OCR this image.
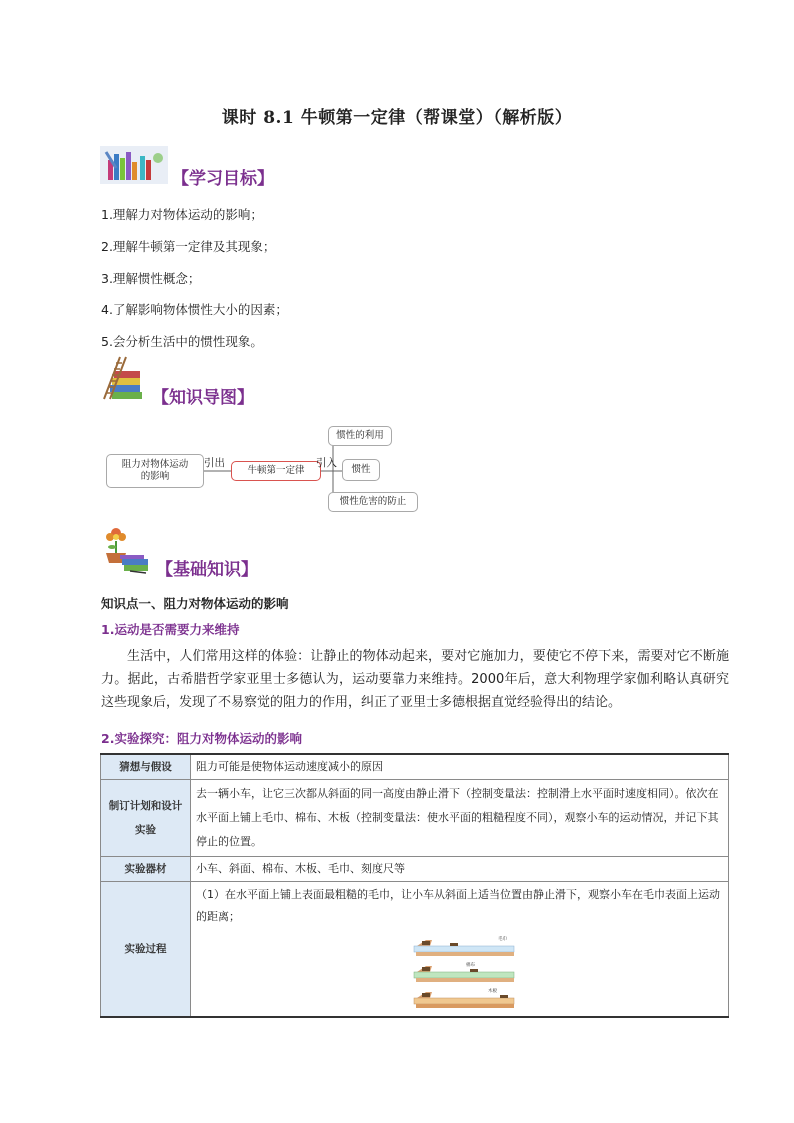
课时 8.1 牛顿第一定律（帮课堂）（解析版）
【学习目标】
1.理解力对物体运动的影响；
2.理解牛顿第一定律及其现象；
3.理解惯性概念；
4.了解影响物体惯性大小的因素；
5.会分析生活中的惯性现象。
【知识导图】
阻力对物体运动的影响
引出
牛顿第一定律
引入
惯性
惯性的利用
惯性危害的防止
【基础知识】
知识点一、阻力对物体运动的影响
1.运动是否需要力来维持
生活中，人们常用这样的体验：让静止的物体动起来，要对它施加力，要使它不停下来，需要对它不断施力。据此，古希腊哲学家亚里士多德认为，运动要靠力来维持。2000年后，意大利物理学家伽利略认真研究这些现象后，发现了不易察觉的阻力的作用，纠正了亚里士多德根据直觉经验得出的结论。
2.实验探究：阻力对物体运动的影响
猜想与假设	阻力可能是使物体运动速度减小的原因
制订计划和设计实验	去一辆小车，让它三次都从斜面的同一高度由静止滑下（控制变量法：控制滑上水平面时速度相同）。依次在水平面上铺上毛巾、棉布、木板（控制变量法：使水平面的粗糙程度不同），观察小车的运动情况，并记下其停止的位置。
实验器材	小车、斜面、棉布、木板、毛巾、刻度尺等
实验过程	（1）在水平面上铺上表面最粗糙的毛巾，让小车从斜面上适当位置由静止滑下，观察小车在毛巾表面上运动的距离；
毛巾
棉布
木板
